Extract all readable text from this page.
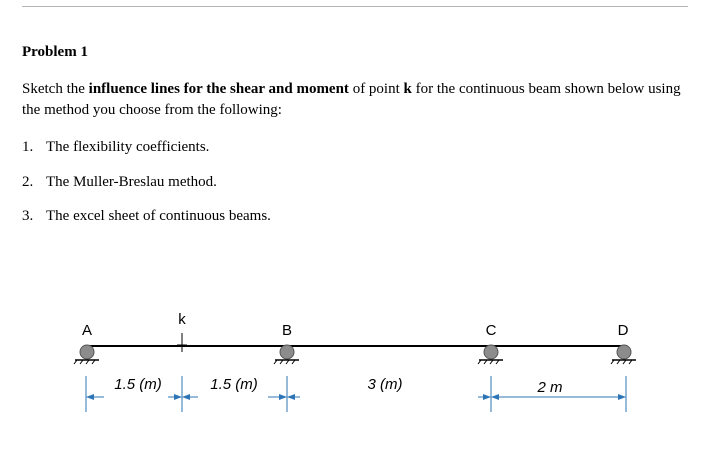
Problem 1
Sketch the influence lines for the shear and moment of point k for the continuous beam shown below using the method you choose from the following:
1. The flexibility coefficients.
2. The Muller-Breslau method.
3. The excel sheet of continuous beams.
A	B	C	D
k
1.5 (m)	1.5 (m)	3 (m)	2 m
